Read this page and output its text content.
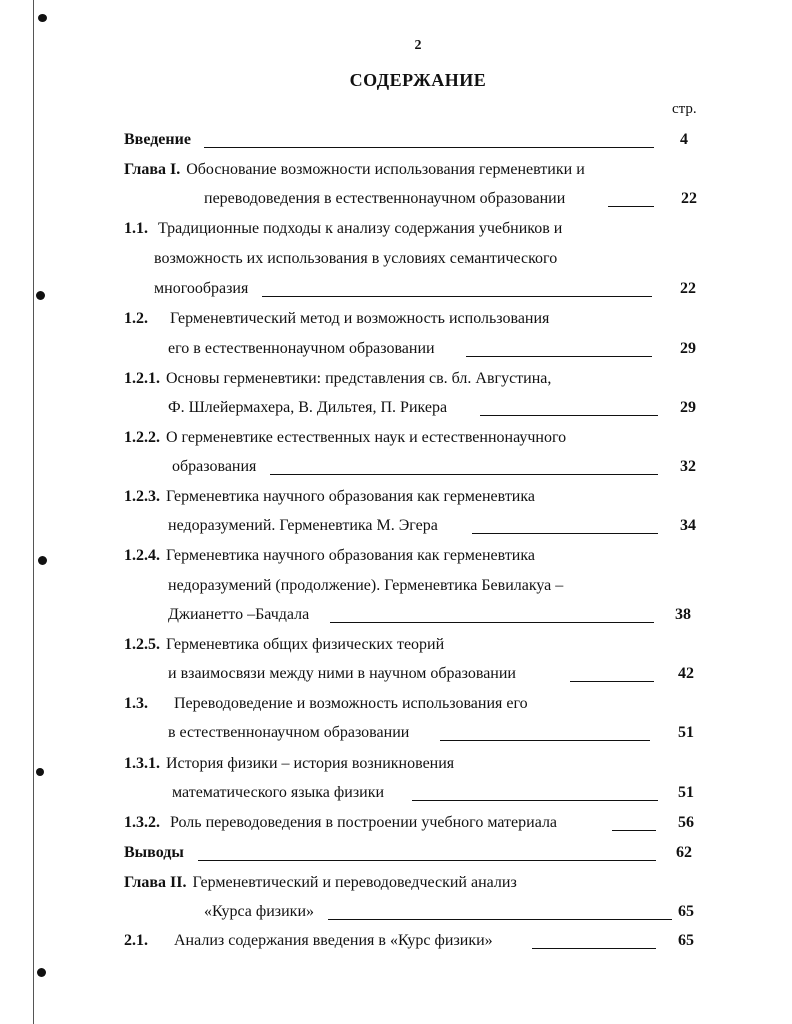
2
СОДЕРЖАНИЕ
стр.
Введение	4
Глава I. Обоснование возможности использования герменевтики и
переводоведения в естественнонаучном образовании	22
1.1. Традиционные подходы к анализу содержания учебников и
возможность их использования в условиях семантического
многообразия	22
1.2. Герменевтический метод и возможность использования
его в естественнонаучном образовании	29
1.2.1. Основы герменевтики: представления св. бл. Августина,
Ф. Шлейермахера, В. Дильтея, П. Рикера	29
1.2.2. О герменевтике естественных наук и естественнонаучного
образования	32
1.2.3. Герменевтика научного образования как герменевтика
недоразумений. Герменевтика М. Эгера	34
1.2.4. Герменевтика научного образования как герменевтика
недоразумений (продолжение). Герменевтика Бевилакуа –
Джианетто –Бачдала	38
1.2.5. Герменевтика общих физических теорий
и взаимосвязи между ними в научном образовании	42
1.3. Переводоведение и возможность использования его
в естественнонаучном образовании	51
1.3.1. История физики – история возникновения
математического языка физики	51
1.3.2. Роль переводоведения в построении учебного материала	56
Выводы	62
Глава II. Герменевтический и переводоведческий анализ
«Курса физики»	65
2.1. Анализ содержания введения в «Курс физики»	65
